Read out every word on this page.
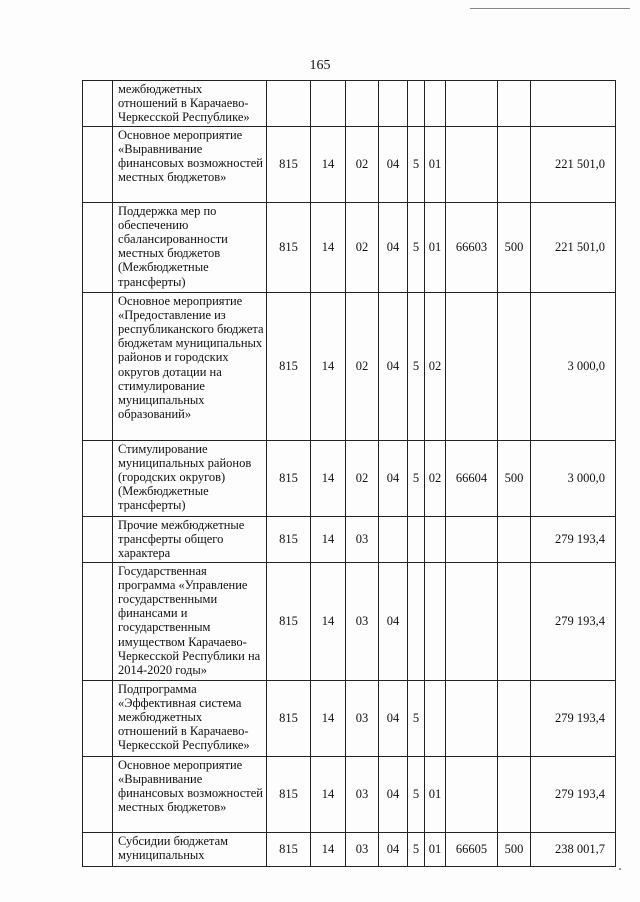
165
	межбюджетных отношений в Карачаево-Черкесской Республике»									
	Основное мероприятие «Выравнивание финансовых возможностей местных бюджетов»	815	14	02	04	5	01			221 501,0
	Поддержка мер по обеспечению сбалансированности местных бюджетов (Межбюджетные трансферты)	815	14	02	04	5	01	66603	500	221 501,0
	Основное мероприятие «Предоставление из республиканского бюджета бюджетам муниципальных районов и городских округов дотации на стимулирование муниципальных образований»	815	14	02	04	5	02			3 000,0
	Стимулирование муниципальных районов (городских округов) (Межбюджетные трансферты)	815	14	02	04	5	02	66604	500	3 000,0
	Прочие межбюджетные трансферты общего характера	815	14	03						279 193,4
	Государственная программа «Управление государственными финансами и государственным имуществом Карачаево-Черкесской Республики на 2014-2020 годы»	815	14	03	04					279 193,4
	Подпрограмма «Эффективная система межбюджетных отношений в Карачаево-Черкесской Республике»	815	14	03	04	5				279 193,4
	Основное мероприятие «Выравнивание финансовых возможностей местных бюджетов»	815	14	03	04	5	01			279 193,4
	Субсидии бюджетам муниципальных	815	14	03	04	5	01	66605	500	238 001,7
